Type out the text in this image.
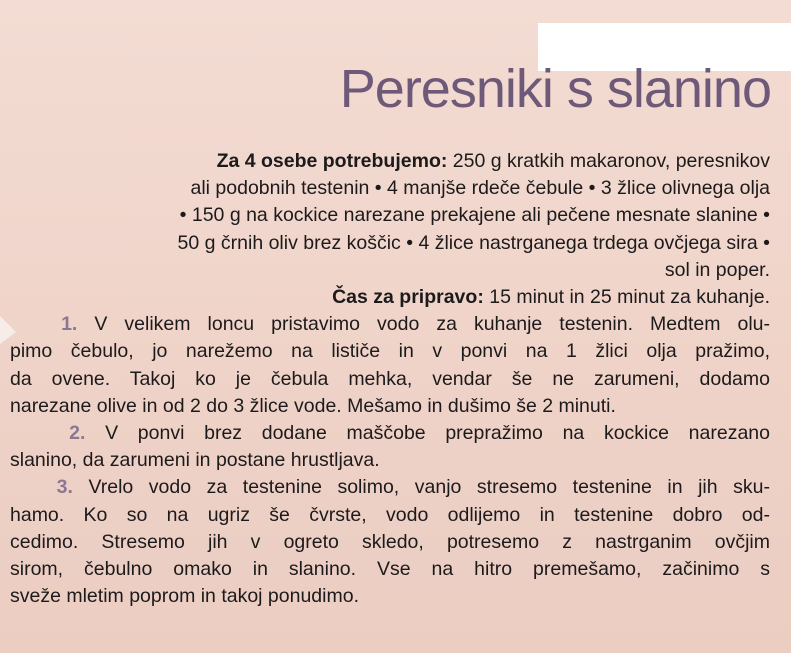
Peresniki s slanino
Za 4 osebe potrebujemo: 250 g kratkih makaronov, peresnikov
ali podobnih testenin • 4 manjše rdeče čebule • 3 žlice olivnega olja
• 150 g na kockice narezane prekajene ali pečene mesnate slanine •
50 g črnih oliv brez koščic • 4 žlice nastrganega trdega ovčjega sira •
sol in poper.
Čas za pripravo: 15 minut in 25 minut za kuhanje.
1. V velikem loncu pristavimo vodo za kuhanje testenin. Medtem olu-
pimo čebulo, jo narežemo na lističe in v ponvi na 1 žlici olja pražimo,
da ovene. Takoj ko je čebula mehka, vendar še ne zarumeni, dodamo
narezane olive in od 2 do 3 žlice vode. Mešamo in dušimo še 2 minuti.
2. V ponvi brez dodane maščobe prepražimo na kockice narezano
slanino, da zarumeni in postane hrustljava.
3. Vrelo vodo za testenine solimo, vanjo stresemo testenine in jih sku-
hamo. Ko so na ugriz še čvrste, vodo odlijemo in testenine dobro od-
cedimo. Stresemo jih v ogreto skledo, potresemo z nastrganim ovčjim
sirom, čebulno omako in slanino. Vse na hitro premešamo, začinimo s
sveže mletim poprom in takoj ponudimo.
